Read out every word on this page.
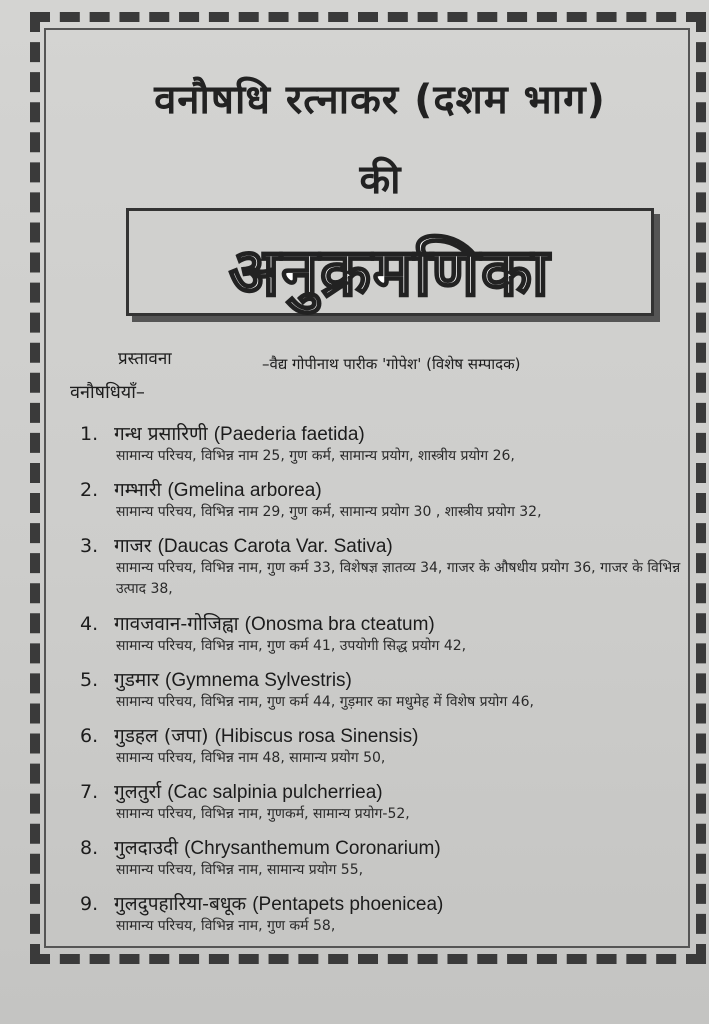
वनौषधि रत्नाकर (दशम भाग)
की
अनुक्रमणिका
प्रस्तावना	–वैद्य गोपीनाथ पारीक 'गोपेश' (विशेष सम्पादक)
वनौषधियाँ–
1. गन्ध प्रसारिणी (Paederia faetida)
सामान्य परिचय, विभिन्न नाम 25, गुण कर्म, सामान्य प्रयोग, शास्त्रीय प्रयोग 26,
2. गम्भारी (Gmelina arborea)
सामान्य परिचय, विभिन्न नाम 29, गुण कर्म, सामान्य प्रयोग 30 , शास्त्रीय प्रयोग 32,
3. गाजर (Daucas Carota Var. Sativa)
सामान्य परिचय, विभिन्न नाम, गुण कर्म 33, विशेषज्ञ ज्ञातव्य 34, गाजर के औषधीय प्रयोग 36, गाजर के विभिन्न उत्पाद 38,
4. गावजवान-गोजिह्वा (Onosma bra cteatum)
सामान्य परिचय, विभिन्न नाम, गुण कर्म 41, उपयोगी सिद्ध प्रयोग 42,
5. गुडमार (Gymnema Sylvestris)
सामान्य परिचय, विभिन्न नाम, गुण कर्म 44, गुड़मार का मधुमेह में विशेष प्रयोग 46,
6. गुडहल (जपा) (Hibiscus rosa Sinensis)
सामान्य परिचय, विभिन्न नाम 48, सामान्य प्रयोग 50,
7. गुलतुर्रा (Cac salpinia pulcherriea)
सामान्य परिचय, विभिन्न नाम, गुणकर्म, सामान्य प्रयोग-52,
8. गुलदाउदी (Chrysanthemum Coronarium)
सामान्य परिचय, विभिन्न नाम, सामान्य प्रयोग 55,
9. गुलदुपहारिया-बधूक (Pentapets phoenicea)
सामान्य परिचय, विभिन्न नाम, गुण कर्म 58,
